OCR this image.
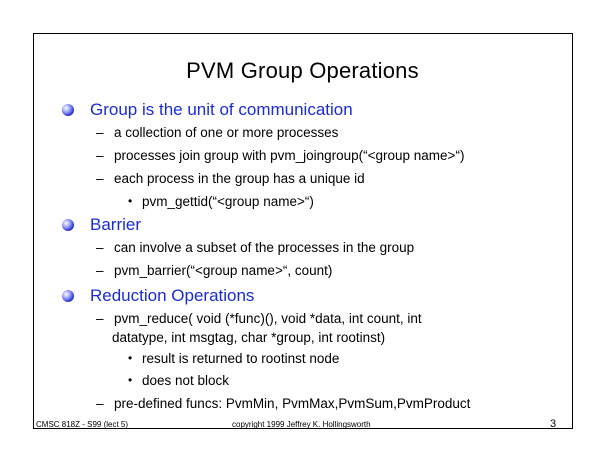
PVM Group Operations
Group is the unit of communication
– a collection of one or more processes
– processes join group with pvm_joingroup(“<group name>“)
– each process in the group has a unique id
• pvm_gettid(“<group name>“)
Barrier
– can involve a subset of the processes in the group
– pvm_barrier(“<group name>“, count)
Reduction Operations
– pvm_reduce( void (*func)(), void *data, int count, int
datatype, int msgtag, char *group, int rootinst)
• result is returned to rootinst node
• does not block
– pre-defined funcs: PvmMin, PvmMax,PvmSum,PvmProduct
CMSC 818Z - S99 (lect 5)	copyright 1999 Jeffrey K. Hollingsworth	3
